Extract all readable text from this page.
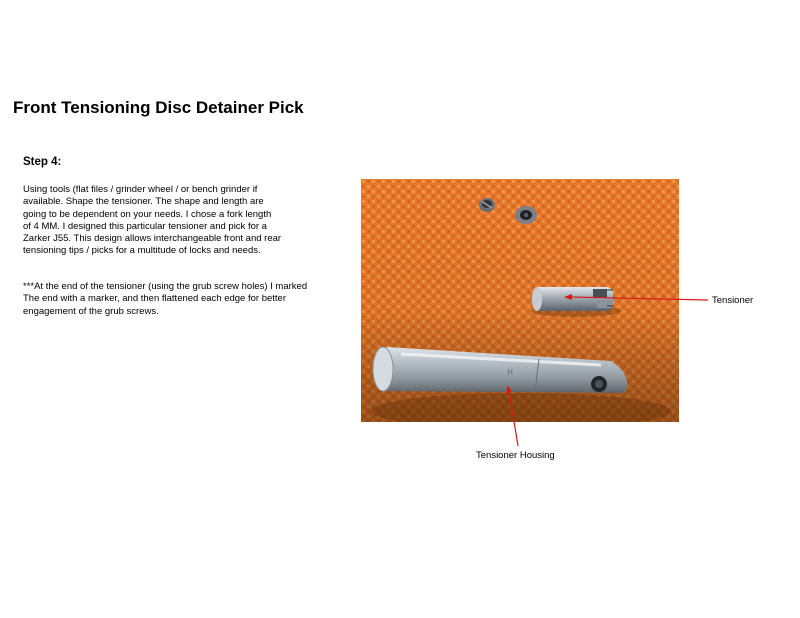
Front Tensioning Disc Detainer Pick
Step 4:
Using tools (flat files / grinder wheel / or bench grinder if
available. Shape the tensioner. The shape and length are
going to be dependent on your needs. I chose a fork length
of 4 MM. I designed this particular tensioner and pick for a
Zarker J55. This design allows interchangeable front and rear
tensioning tips / picks for a multitude of locks and needs.
***At the end of the tensioner (using the grub screw holes) I marked
The end with a marker, and then flattened each edge for better
engagement of the grub screws.
H
Tensioner
Tensioner Housing
